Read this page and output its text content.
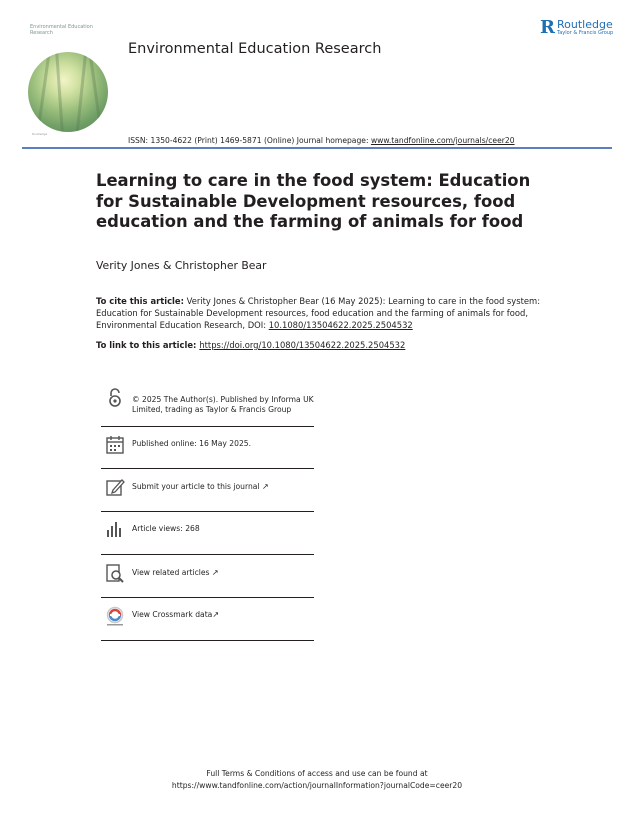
Environmental Education Research
Routledge
Environmental Education Research
R Routledge
Taylor & Francis Group
ISSN: 1350-4622 (Print) 1469-5871 (Online) Journal homepage: www.tandfonline.com/journals/ceer20
Learning to care in the food system: Education for Sustainable Development resources, food education and the farming of animals for food
Verity Jones & Christopher Bear
To cite this article: Verity Jones & Christopher Bear (16 May 2025): Learning to care in the food system: Education for Sustainable Development resources, food education and the farming of animals for food, Environmental Education Research, DOI: 10.1080/13504622.2025.2504532
To link to this article: https://doi.org/10.1080/13504622.2025.2504532
© 2025 The Author(s). Published by Informa UK Limited, trading as Taylor & Francis Group
Published online: 16 May 2025.
Submit your article to this journal ↗
Article views: 268
View related articles ↗
View Crossmark data↗
Full Terms & Conditions of access and use can be found at
https://www.tandfonline.com/action/journalInformation?journalCode=ceer20
